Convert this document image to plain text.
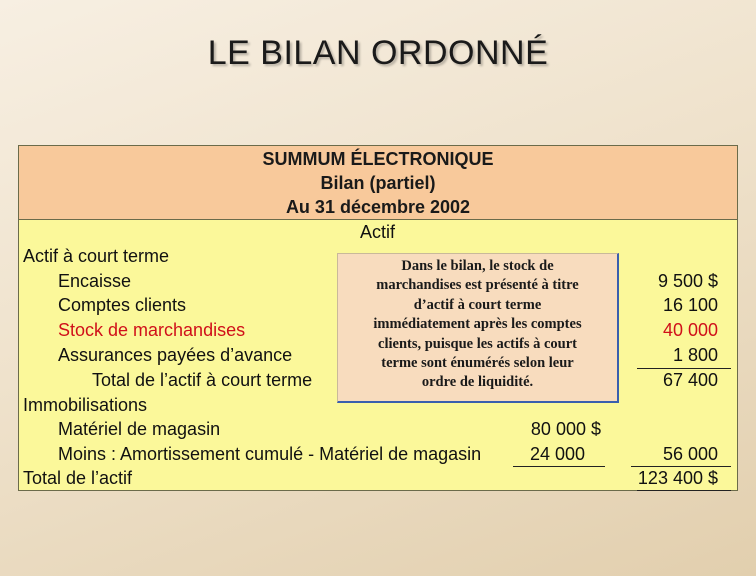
LE BILAN ORDONNÉ
SUMMUM ÉLECTRONIQUE
Bilan (partiel)
Au 31 décembre 2002
Actif
Actif à court terme
Encaisse	9 500 $
Comptes clients	16 100
Stock de marchandises	40 000
Assurances payées d’avance	1 800
Total de l’actif à court terme	67 400
Immobilisations
Matériel de magasin	80 000 $
Moins : Amortissement cumulé - Matériel de magasin	24 000	56 000
Total de l’actif	123 400 $
Dans le bilan, le stock de
marchandises est présenté à titre
d’actif à court terme
immédiatement après les comptes
clients, puisque les actifs à court
terme sont énumérés selon leur
ordre de liquidité.
